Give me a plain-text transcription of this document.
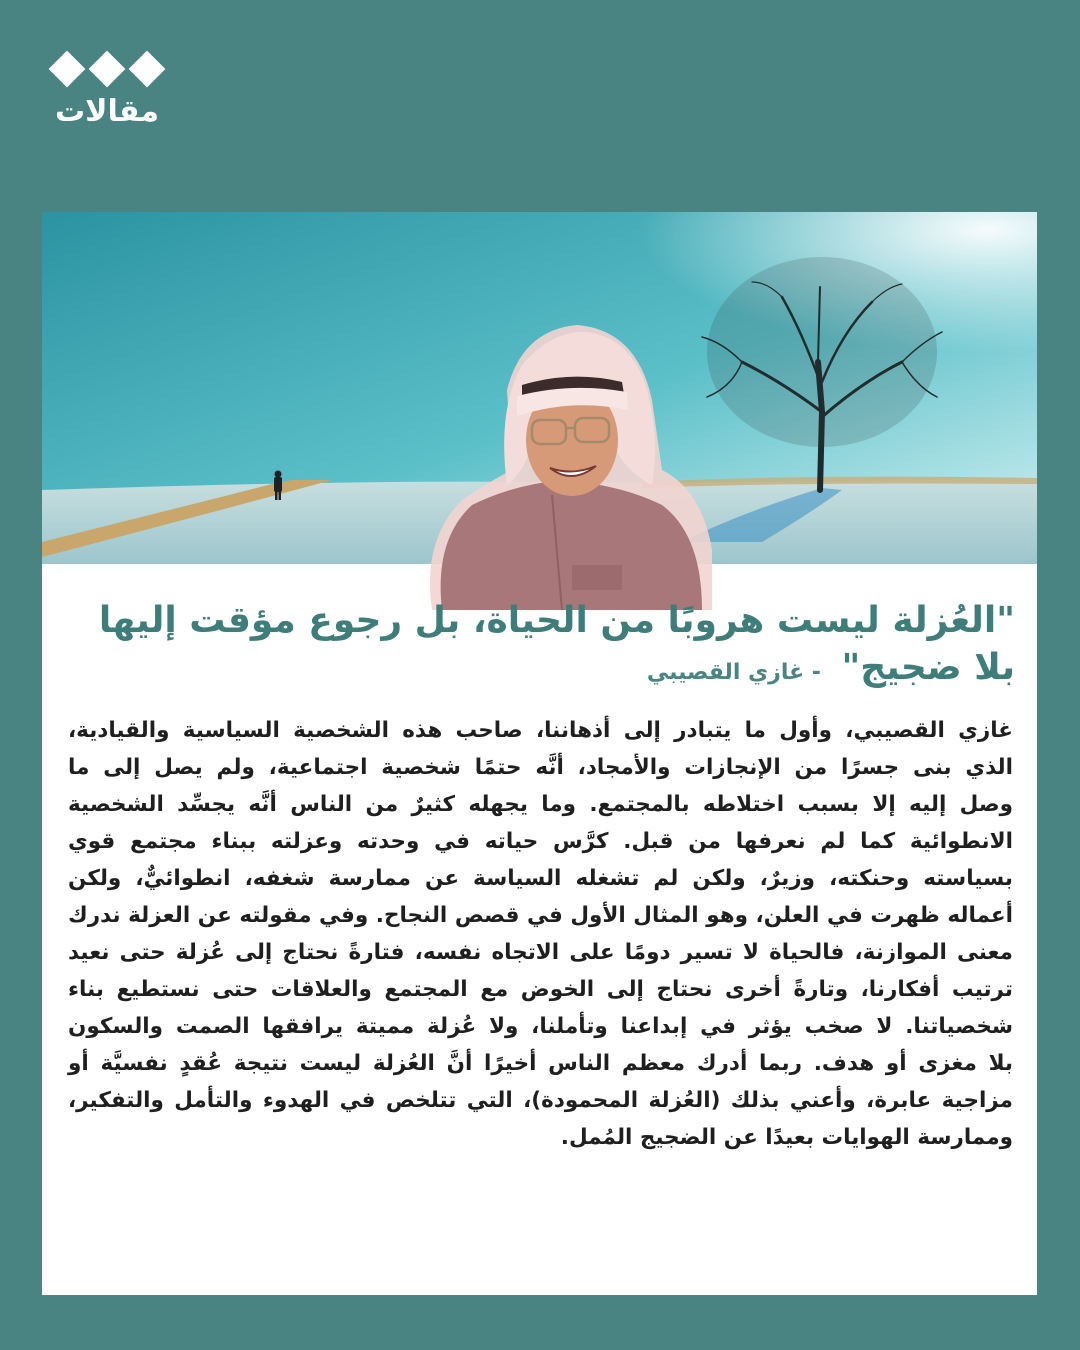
مقالات
"العُزلة ليست هروبًا من الحياة، بل رجوع مؤقت إليها
بلا ضجيج" - غازي القصيبي
غازي القصيبي، وأول ما يتبادر إلى أذهاننا، صاحب هذه الشخصية السياسية والقيادية،
الذي بنى جسرًا من الإنجازات والأمجاد، أنَّه حتمًا شخصية اجتماعية، ولم يصل إلى ما
وصل إليه إلا بسبب اختلاطه بالمجتمع. وما يجهله كثيرٌ من الناس أنَّه يجسِّد الشخصية
الانطوائية كما لم نعرفها من قبل. كرَّس حياته في وحدته وعزلته ببناء مجتمع قوي
بسياسته وحنكته، وزيرٌ، ولكن لم تشغله السياسة عن ممارسة شغفه، انطوائيٌّ، ولكن
أعماله ظهرت في العلن، وهو المثال الأول في قصص النجاح. وفي مقولته عن العزلة ندرك
معنى الموازنة، فالحياة لا تسير دومًا على الاتجاه نفسه، فتارةً نحتاج إلى عُزلة حتى نعيد
ترتيب أفكارنا، وتارةً أخرى نحتاج إلى الخوض مع المجتمع والعلاقات حتى نستطيع بناء
شخصياتنا. لا صخب يؤثر في إبداعنا وتأملنا، ولا عُزلة مميتة يرافقها الصمت والسكون
بلا مغزى أو هدف. ربما أدرك معظم الناس أخيرًا أنَّ العُزلة ليست نتيجة عُقدٍ نفسيَّة أو
مزاجية عابرة، وأعني بذلك (العُزلة المحمودة)، التي تتلخص في الهدوء والتأمل والتفكير،
وممارسة الهوايات بعيدًا عن الضجيج المُمل.
